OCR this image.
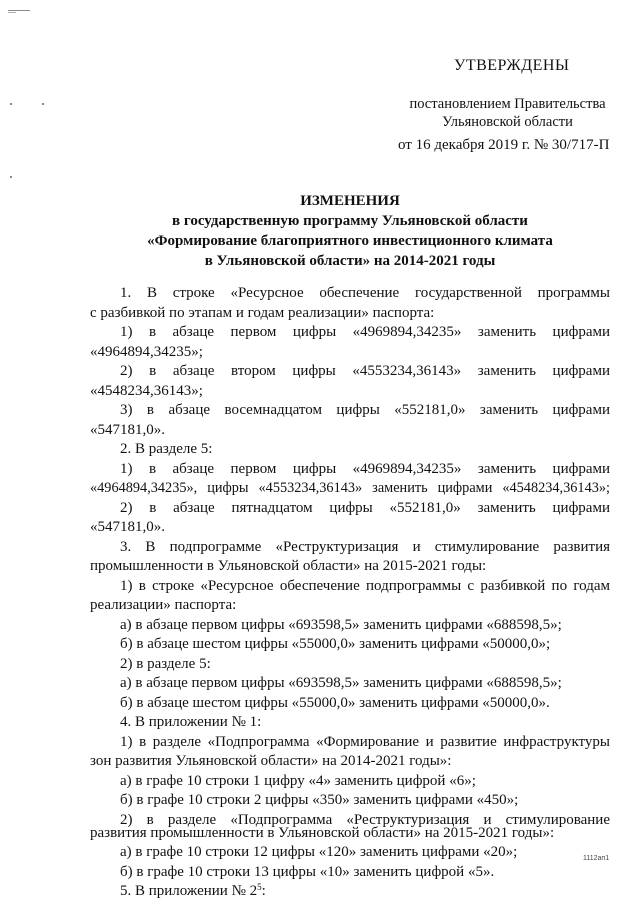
УТВЕРЖДЕНЫ
постановлением Правительства
Ульяновской области
от 16 декабря 2019 г. № 30/717-П
ИЗМЕНЕНИЯ
в государственную программу Ульяновской области
«Формирование благоприятного инвестиционного климата
в Ульяновской области» на 2014-2021 годы
1. В строке «Ресурсное обеспечение государственной программы
с разбивкой по этапам и годам реализации» паспорта:
1) в абзаце первом цифры «4969894,34235» заменить цифрами
«4964894,34235»;
2) в абзаце втором цифры «4553234,36143» заменить цифрами
«4548234,36143»;
3) в абзаце восемнадцатом цифры «552181,0» заменить цифрами
«547181,0».
2. В разделе 5:
1) в абзаце первом цифры «4969894,34235» заменить цифрами
«4964894,34235», цифры «4553234,36143» заменить цифрами «4548234,36143»;
2) в абзаце пятнадцатом цифры «552181,0» заменить цифрами
«547181,0».
3. В подпрограмме «Реструктуризация и стимулирование развития
промышленности в Ульяновской области» на 2015-2021 годы:
1) в строке «Ресурсное обеспечение подпрограммы с разбивкой по годам
реализации» паспорта:
а) в абзаце первом цифры «693598,5» заменить цифрами «688598,5»;
б) в абзаце шестом цифры «55000,0» заменить цифрами «50000,0»;
2) в разделе 5:
а) в абзаце первом цифры «693598,5» заменить цифрами «688598,5»;
б) в абзаце шестом цифры «55000,0» заменить цифрами «50000,0».
4. В приложении № 1:
1) в разделе «Подпрограмма «Формирование и развитие инфраструктуры
зон развития Ульяновской области» на 2014-2021 годы»:
а) в графе 10 строки 1 цифру «4» заменить цифрой «6»;
б) в графе 10 строки 2 цифры «350» заменить цифрами «450»;
2) в разделе «Подпрограмма «Реструктуризация и стимулирование
развития промышленности в Ульяновской области» на 2015-2021 годы»:
а) в графе 10 строки 12 цифры «120» заменить цифрами «20»;
б) в графе 10 строки 13 цифры «10» заменить цифрой «5».
5. В приложении № $2^5$:
1112ап1
